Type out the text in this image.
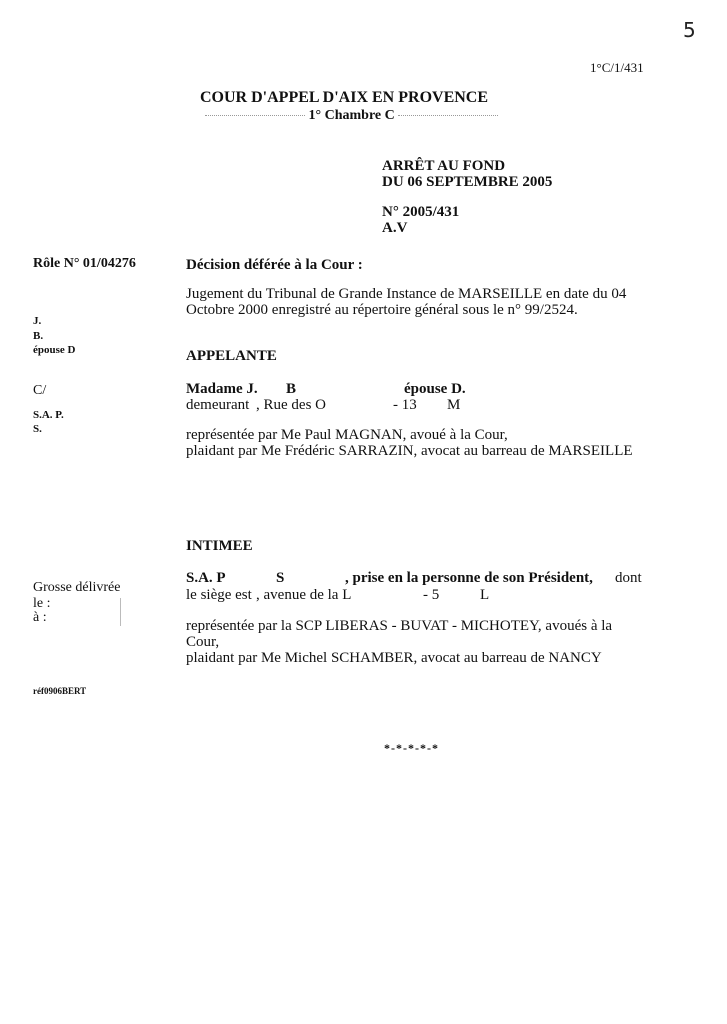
5
1°C/1/431
COUR D'APPEL D'AIX EN PROVENCE
1° Chambre C
ARRÊT AU FOND
DU 06 SEPTEMBRE 2005
N° 2005/431
A.V
Rôle N° 01/04276
J.
B.
épouse D
C/
S.A. P.
S.
Grosse délivrée
le :
à :
réf0906BERT
Décision déférée à la Cour :
Jugement du Tribunal de Grande Instance de MARSEILLE en date du 04
Octobre 2000 enregistré au répertoire général sous le n° 99/2524.
APPELANTE
Madame J. B	épouse D.
demeurant , Rue des O	- 13 M
représentée par Me Paul MAGNAN, avoué à la Cour,
plaidant par Me Frédéric SARRAZIN, avocat au barreau de MARSEILLE
INTIMEE
S.A. P	S	, prise en la personne de son Président, dont
le siège est , avenue de la L	- 5	L
représentée par la SCP LIBERAS - BUVAT - MICHOTEY, avoués à la
Cour,
plaidant par Me Michel SCHAMBER, avocat au barreau de NANCY
*-*-*-*-*
